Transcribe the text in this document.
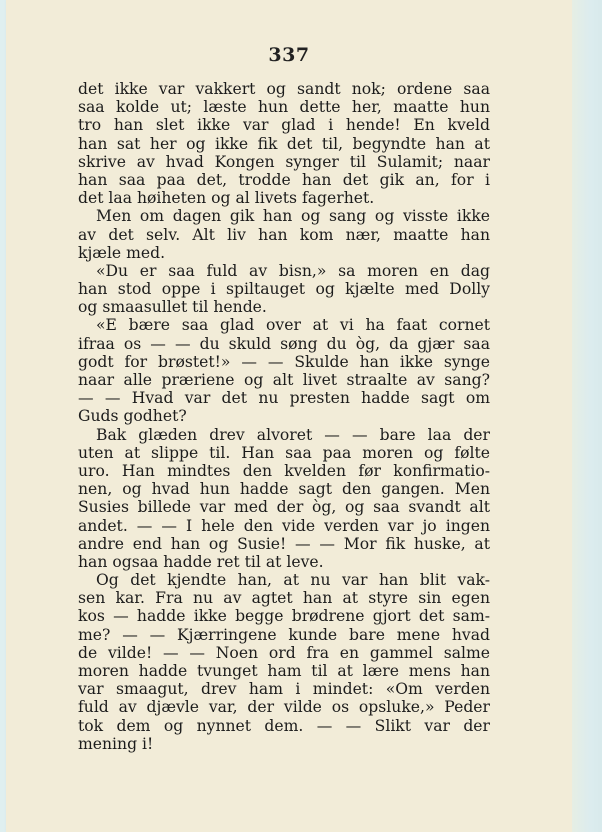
337
det ikke var vakkert og sandt nok; ordene saa
saa kolde ut; læste hun dette her, maatte hun
tro han slet ikke var glad i hende! En kveld
han sat her og ikke fik det til, begyndte han at
skrive av hvad Kongen synger til Sulamit; naar
han saa paa det, trodde han det gik an, for i
det laa høiheten og al livets fagerhet.
Men om dagen gik han og sang og visste ikke
av det selv. Alt liv han kom nær, maatte han
kjæle med.
«Du er saa fuld av bisn,» sa moren en dag
han stod oppe i spiltauget og kjælte med Dolly
og smaasullet til hende.
«E bære saa glad over at vi ha faat cornet
ifraa os — — du skuld søng du òg, da gjær saa
godt for brøstet!» — — Skulde han ikke synge
naar alle præriene og alt livet straalte av sang?
— — Hvad var det nu presten hadde sagt om
Guds godhet?
Bak glæden drev alvoret — — bare laa der
uten at slippe til. Han saa paa moren og følte
uro. Han mindtes den kvelden før konfirmatio-
nen, og hvad hun hadde sagt den gangen. Men
Susies billede var med der òg, og saa svandt alt
andet. — — I hele den vide verden var jo ingen
andre end han og Susie! — — Mor fik huske, at
han ogsaa hadde ret til at leve.
Og det kjendte han, at nu var han blit vak-
sen kar. Fra nu av agtet han at styre sin egen
kos — hadde ikke begge brødrene gjort det sam-
me? — — Kjærringene kunde bare mene hvad
de vilde! — — Noen ord fra en gammel salme
moren hadde tvunget ham til at lære mens han
var smaagut, drev ham i mindet: «Om verden
fuld av djævle var, der vilde os opsluke,» Peder
tok dem og nynnet dem. — — Slikt var der
mening i!
